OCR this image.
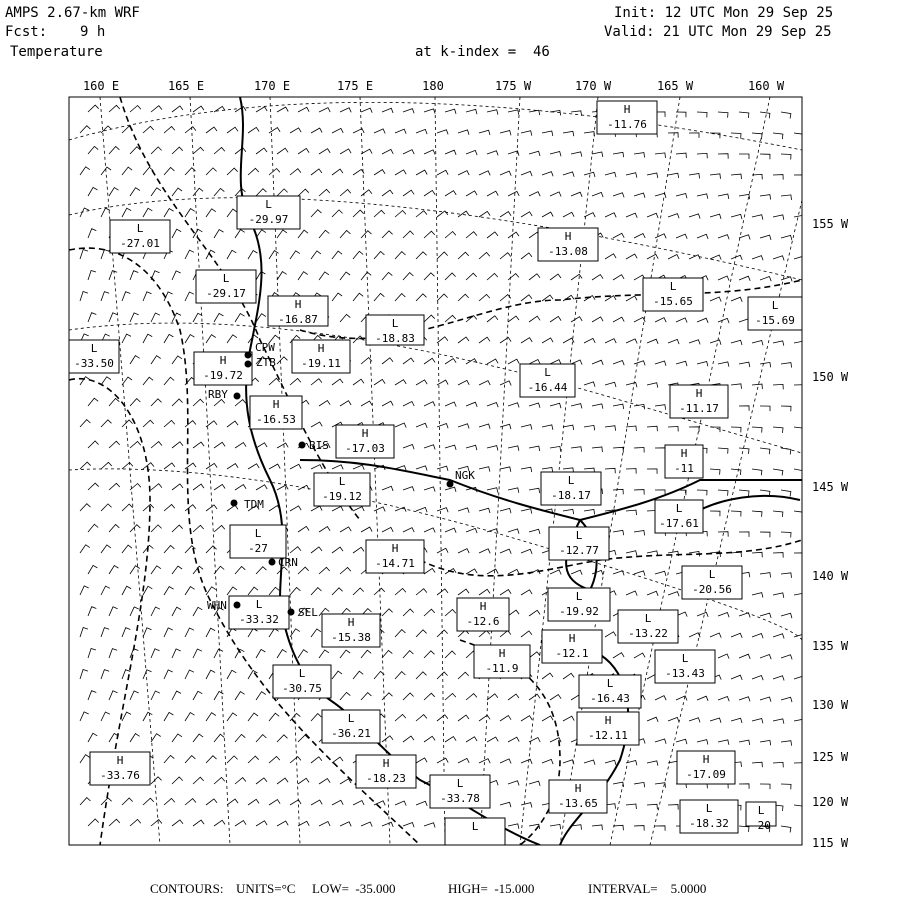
AMPS 2.67-km WRF
Fcst: 9 h
Temperature
Init: 12 UTC Mon 29 Sep 25
Valid: 21 UTC Mon 29 Sep 25
at k-index =  46
H
-11.76
L
-29.97
L
-27.01
H
-13.08
L
-29.17
H
-16.87	L
-18.83
L
-15.65	L
-15.69
L
-33.50	H
-19.72
H
-19.11
L
-16.44	H
-11.17
H
-16.53
H
-17.03	H
-11
L
-19.12
L
-18.17
L
-17.61
L
-27	H
-14.71
L
-12.77
L
-20.56
L
-33.32
H
-12.6
L
-19.92
H
-15.38
L
-13.22
H
-11.9
H
-12.1	L
-13.43
L
-30.75	L
-16.43
L
-36.21
H
-12.11
H
-33.76
H
-18.23	L
-33.78
H
-13.65
H
-17.09
L
-18.32
L
-20
L
CPW
ZTB
RBY
BIS
NGK
TDM
CRN
WHN
SEL
160 E	165 E	170 E	175 E	180	175 W	170 W	165 W	160 W
155 W
150 W
145 W
140 W
135 W
130 W
125 W
120 W
115 W
CONTOURS: UNITS=°C LOW=  -35.000	HIGH=  -15.000	INTERVAL=    5.0000
